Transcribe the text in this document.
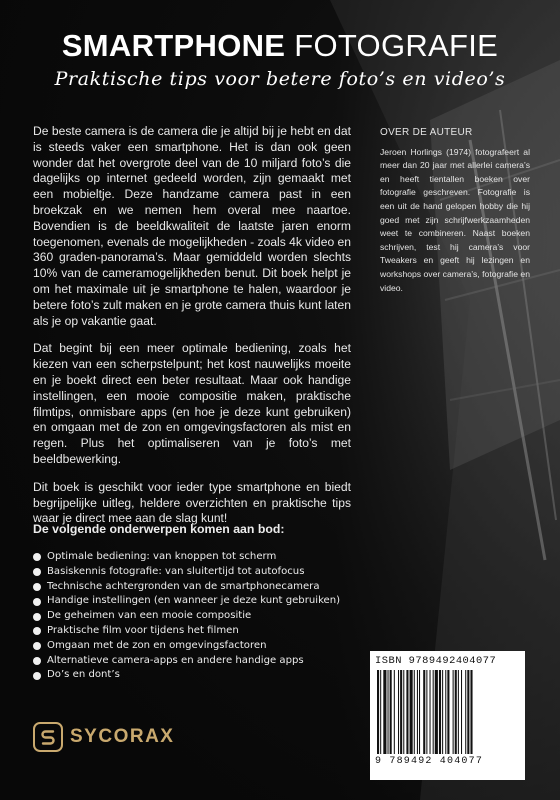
SMARTPHONE FOTOGRAFIE
Praktische tips voor betere foto’s en video’s

De beste camera is de camera die je altijd bij je hebt en dat is steeds vaker een smartphone. Het is dan ook geen wonder dat het overgrote deel van de 10 miljard foto’s die dagelijks op internet gedeeld worden, zijn gemaakt met een mobieltje. Deze handzame camera past in een broekzak en we nemen hem overal mee naartoe. Bovendien is de beeldkwaliteit de laatste jaren enorm toegenomen, evenals de mogelijkheden - zoals 4k video en 360 graden-panorama’s. Maar gemiddeld worden slechts 10% van de cameramogelijkheden benut. Dit boek helpt je om het maximale uit je smartphone te halen, waardoor je betere foto’s zult maken en je grote camera thuis kunt laten als je op vakantie gaat.

Dat begint bij een meer optimale bediening, zoals het kiezen van een scherpstelpunt; het kost nauwelijks moeite en je boekt direct een beter resultaat. Maar ook handige instellingen, een mooie compositie maken, praktische filmtips, onmisbare apps (en hoe je deze kunt gebruiken) en omgaan met de zon en omgevingsfactoren als mist en regen. Plus het optimaliseren van je foto’s met beeldbewerking.

Dit boek is geschikt voor ieder type smartphone en biedt begrijpelijke uitleg, heldere overzichten en praktische tips waar je direct mee aan de slag kunt!

OVER DE AUTEUR
Jeroen Horlings (1974) fotografeert al meer dan 20 jaar met allerlei camera’s en heeft tientallen boeken over fotografie geschreven. Fotografie is een uit de hand gelopen hobby die hij goed met zijn schrijfwerkzaamheden weet te combineren. Naast boeken schrijven, test hij camera’s voor Tweakers en geeft hij lezingen en workshops over camera’s, fotografie en video.
De volgende onderwerpen komen aan bod:
Optimale bediening: van knoppen tot scherm
Basiskennis fotografie: van sluitertijd tot autofocus
Technische achtergronden van de smartphonecamera
Handige instellingen (en wanneer je deze kunt gebruiken)
De geheimen van een mooie compositie
Praktische film voor tijdens het filmen
Omgaan met de zon en omgevingsfactoren
Alternatieve camera-apps en andere handige apps
Do’s en dont’s
ISBN 9789492404077
9 789492 404077
SYCORAX
